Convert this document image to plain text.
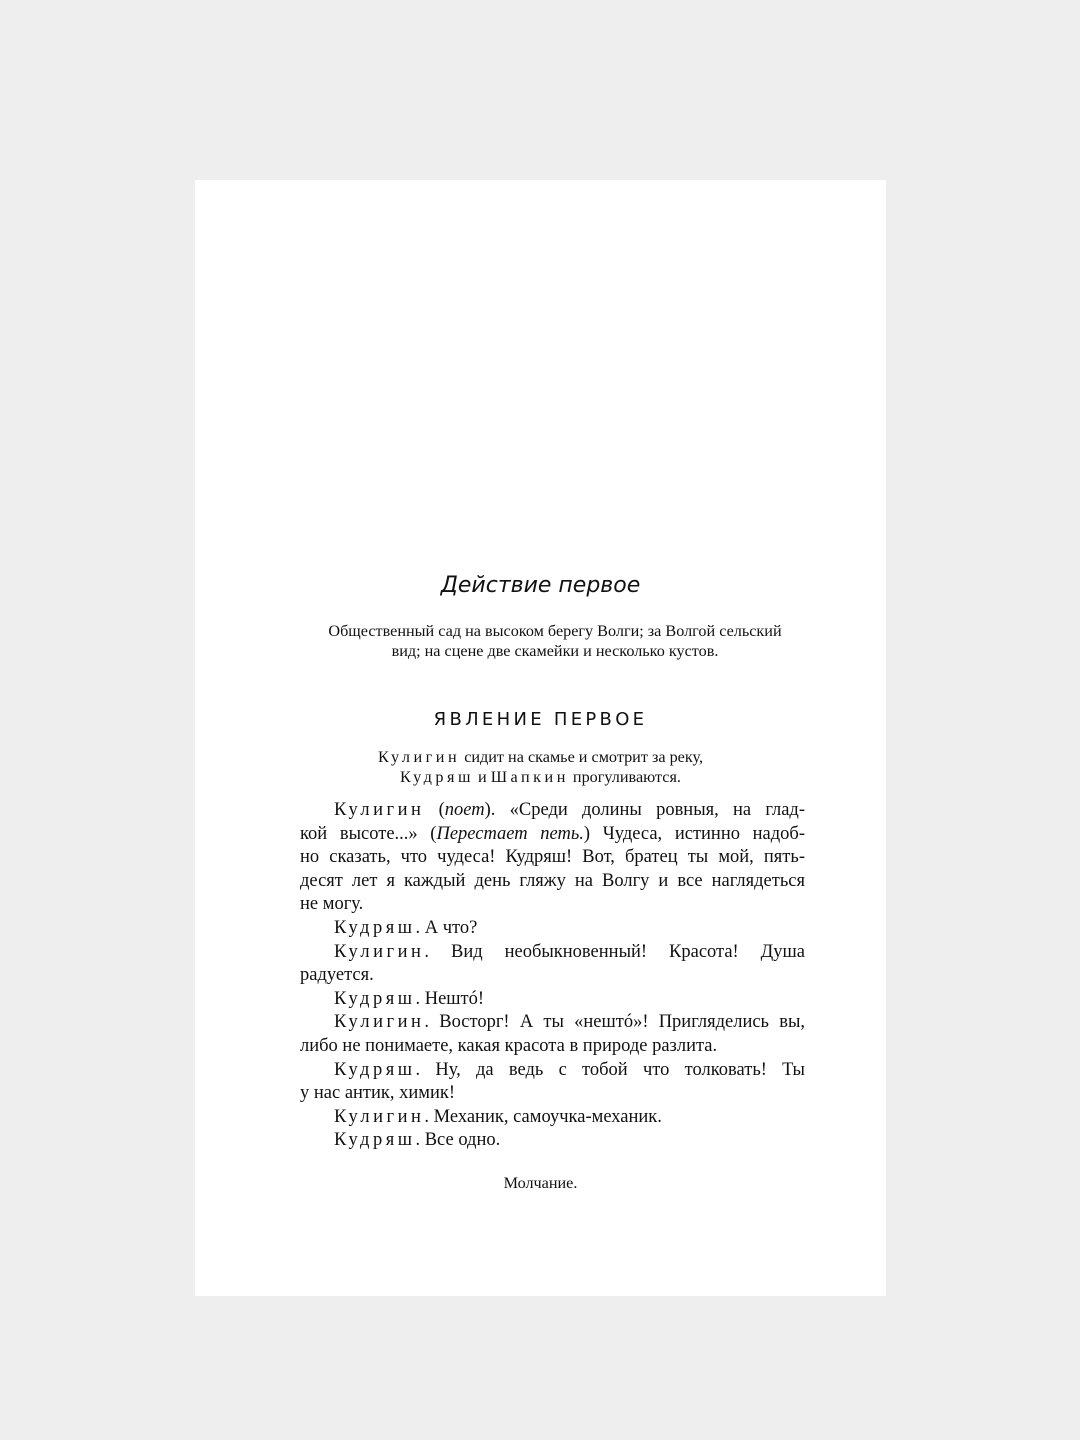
Действие первое
Общественный сад на высоком берегу Волги; за Волгой сельский
вид; на сцене две скамейки и несколько кустов.
ЯВЛЕНИЕ ПЕРВОЕ
Кулигин сидит на скамье и смотрит за реку,
Кудряш и Шапкин прогуливаются.
Кулигин (поет). «Среди долины ровныя, на глад-
кой высоте...» (Перестает петь.) Чудеса, истинно надоб-
но сказать, что чудеса! Кудряш! Вот, братец ты мой, пять-
десят лет я каждый день гляжу на Волгу и все наглядеться
не могу.
Кудряш. А что?
Кулигин. Вид необыкновенный! Красота! Душа
радуется.
Кудряш. Нештó!
Кулигин. Восторг! А ты «нештó»! Пригляделись вы,
либо не понимаете, какая красота в природе разлита.
Кудряш. Ну, да ведь с тобой что толковать! Ты
у нас антик, химик!
Кулигин. Механик, самоучка-механик.
Кудряш. Все одно.
Молчание.
